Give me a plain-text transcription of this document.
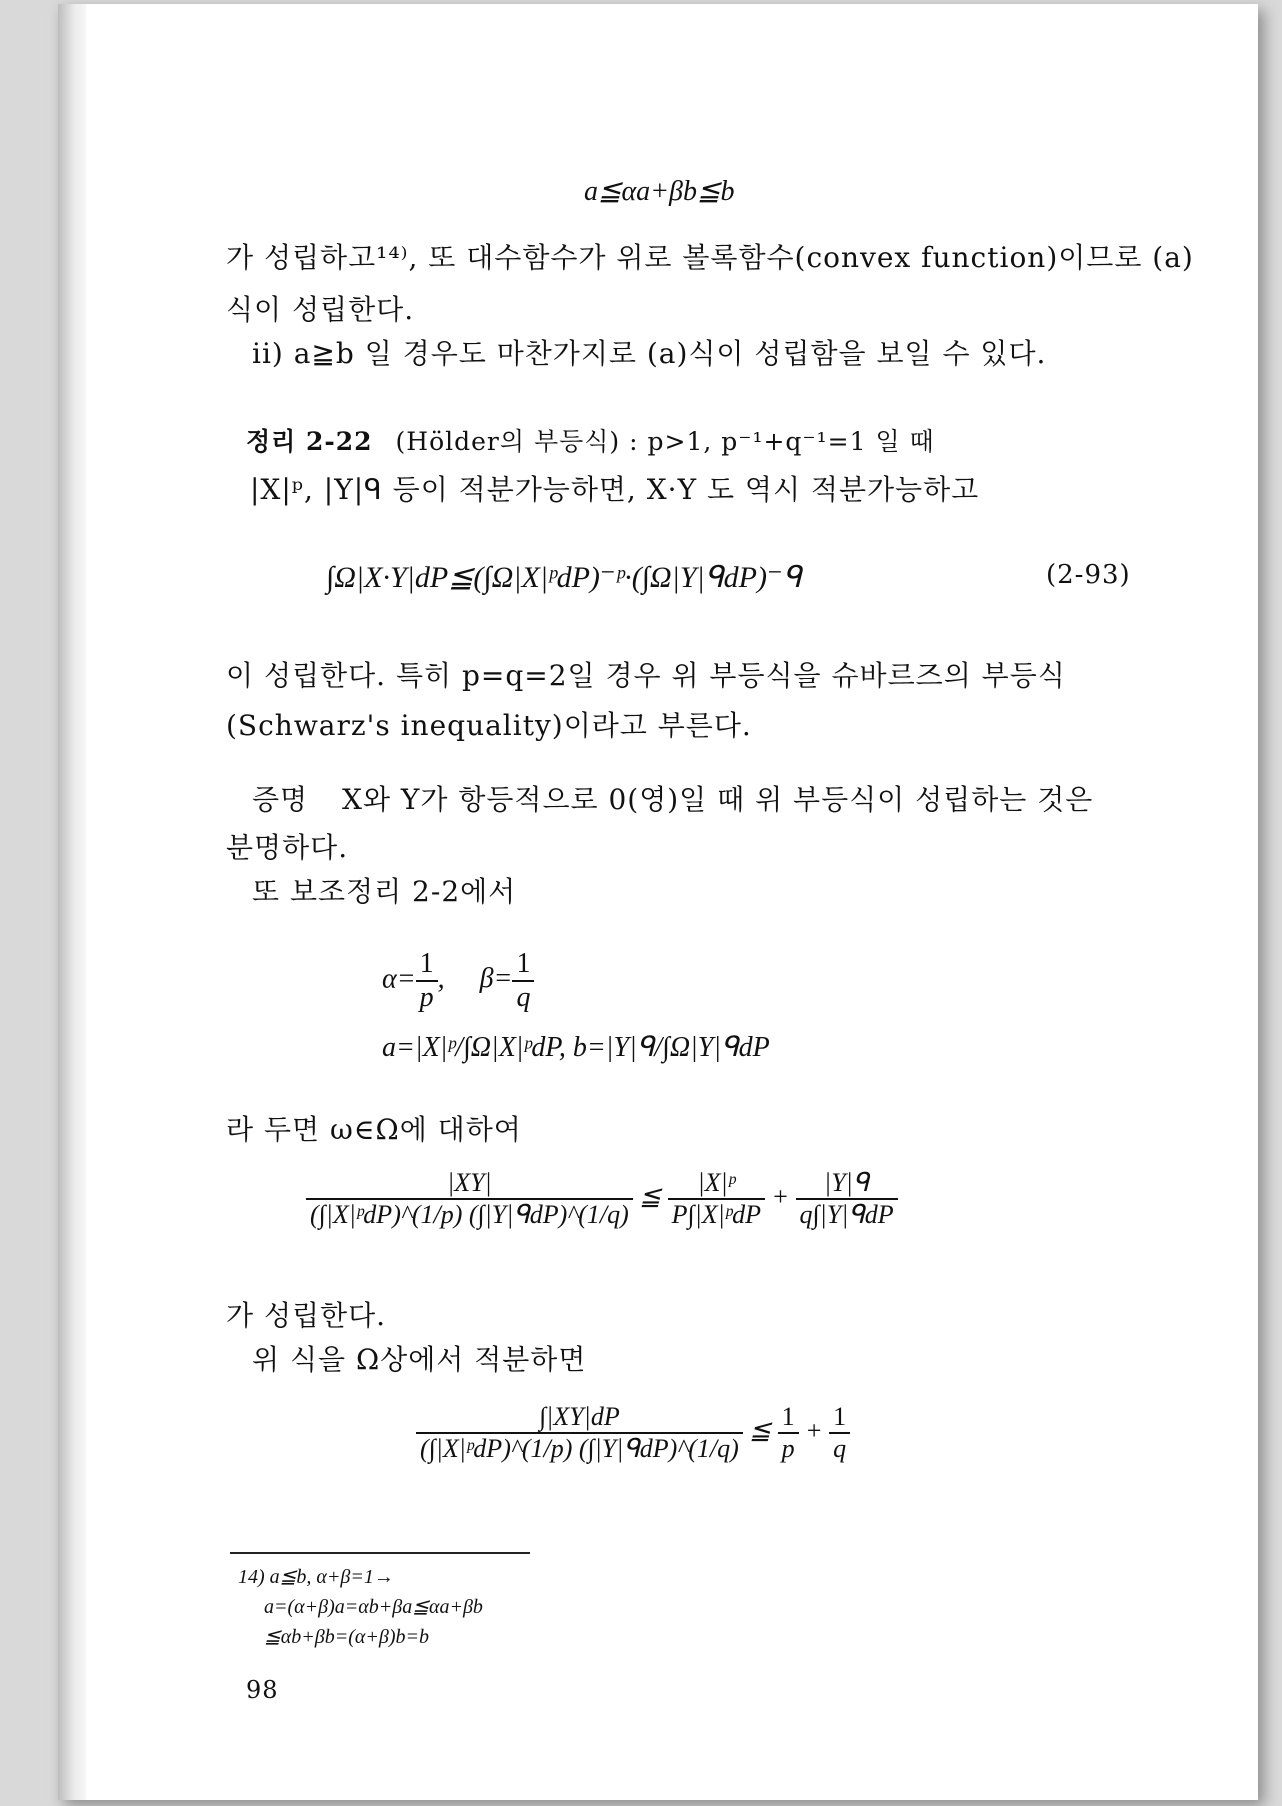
a≦αa+βb≦b
가 성립하고¹⁴⁾, 또 대수함수가 위로 볼록함수(convex function)이므로 (a)
식이 성립한다.
ii) a≧b 일 경우도 마찬가지로 (a)식이 성립함을 보일 수 있다.
정리 2-22 (Hölder의 부등식) : p>1, p⁻¹+q⁻¹=1 일 때
|X|ᵖ, |Y|ᑫ 등이 적분가능하면, X·Y 도 역시 적분가능하고
∫Ω|X·Y|dP≦(∫Ω|X|ᵖdP)⁻ᵖ·(∫Ω|Y|ᑫdP)⁻ᑫ	(2-93)
이 성립한다. 특히 p=q=2일 경우 위 부등식을 슈바르즈의 부등식
(Schwarz's inequality)이라고 부른다.
증명 X와 Y가 항등적으로 0(영)일 때 위 부등식이 성립하는 것은
분명하다.
또 보조정리 2-2에서
$\alpha= \frac{1}{p}$ , $\beta= \frac{1}{q}$
a=|X|ᵖ/∫Ω|X|ᵖdP, b=|Y|ᑫ/∫Ω|Y|ᑫdP
라 두면 ω∈Ω에 대하여
$\frac{|XY|}{\text{(∫|X|ᵖdP)\textasciicircum{}(1/p) (∫|Y|ᑫdP)\textasciicircum{}(1/q)}}$ ≦ $\frac{\text{|X|ᵖ}}{\text{P∫|X|ᵖdP}} + \frac{\text{|Y|ᑫ}}{\text{q∫|Y|ᑫdP}}$
가 성립한다.
위 식을 Ω상에서 적분하면
$\frac{\int|XY|dP}{\text{(∫|X|ᵖdP)\textasciicircum{}(1/p) (∫|Y|ᑫdP)\textasciicircum{}(1/q)}}$ ≦ $\frac{1}{p} + \frac{1}{q}$
14) a≦b, α+β=1→
a=(α+β)a=αb+βa≦αa+βb
≦αb+βb=(α+β)b=b
98
